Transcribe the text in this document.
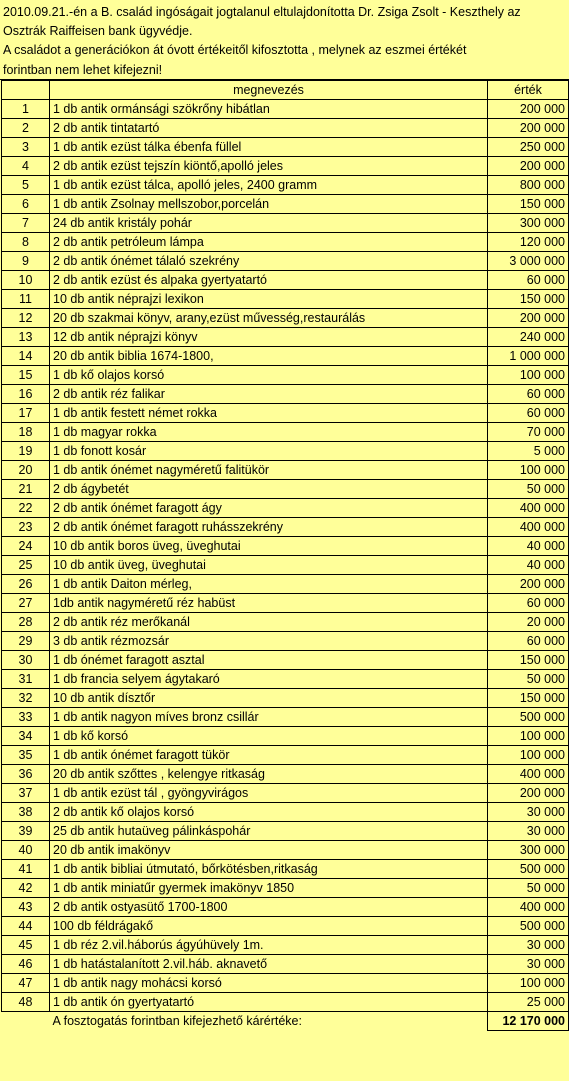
2010.09.21.-én a B. család ingóságait jogtalanul eltulajdonította Dr. Zsiga Zsolt - Keszthely az
Osztrák Raiffeisen bank ügyvédje.
A családot a generációkon át óvott értékeitől kifosztotta , melynek az eszmei értékét
forintban nem lehet kifejezni!
	megnevezés	érték
1	1 db antik ormánsági szökrőny hibátlan	200 000
2	2 db antik tintatartó	200 000
3	1 db antik ezüst tálka ébenfa füllel	250 000
4	2 db antik ezüst tejszín kiöntő,apolló jeles	200 000
5	1 db antik ezüst tálca, apolló jeles, 2400 gramm	800 000
6	1 db antik Zsolnay mellszobor,porcelán	150 000
7	24 db antik kristály pohár	300 000
8	2 db antik petróleum lámpa	120 000
9	2 db antik ónémet tálaló szekrény	3 000 000
10	2 db antik ezüst és alpaka gyertyatartó	60 000
11	10 db antik néprajzi lexikon	150 000
12	20 db szakmai könyv, arany,ezüst művesség,restaurálás	200 000
13	12 db antik néprajzi könyv	240 000
14	20 db antik biblia 1674-1800,	1 000 000
15	1 db kő olajos korsó	100 000
16	2 db antik réz falikar	60 000
17	1 db antik festett német rokka	60 000
18	1 db magyar rokka	70 000
19	1 db fonott kosár	5 000
20	1 db antik ónémet nagyméretű falitükör	100 000
21	2 db ágybetét	50 000
22	2 db antik ónémet faragott ágy	400 000
23	2 db antik ónémet faragott ruhásszekrény	400 000
24	10 db antik boros üveg, üveghutai	40 000
25	10 db antik üveg, üveghutai	40 000
26	1 db antik Daiton mérleg,	200 000
27	1db antik nagyméretű réz habüst	60 000
28	2 db antik réz merőkanál	20 000
29	3 db antik rézmozsár	60 000
30	1 db ónémet faragott asztal	150 000
31	1 db francia selyem ágytakaró	50 000
32	10 db antik dísztőr	150 000
33	1 db antik nagyon míves bronz csillár	500 000
34	1 db kő korsó	100 000
35	1 db antik ónémet faragott tükör	100 000
36	20 db antik szőttes , kelengye ritkaság	400 000
37	1 db antik ezüst tál , gyöngyvirágos	200 000
38	2 db antik kő olajos korsó	30 000
39	25 db antik hutaüveg pálinkáspohár	30 000
40	20 db antik imakönyv	300 000
41	1 db antik bibliai útmutató, bőrkötésben,ritkaság	500 000
42	1 db antik miniatűr gyermek imakönyv 1850	50 000
43	2 db antik ostyasütő 1700-1800	400 000
44	100 db féldrágakő	500 000
45	1 db réz 2.vil.háborús ágyúhüvely 1m.	30 000
46	1 db hatástalanított 2.vil.háb. aknavető	30 000
47	1 db antik nagy mohácsi korsó	100 000
48	1 db antik ón gyertyatartó	25 000
	A fosztogatás forintban kifejezhető kárértéke:	12 170 000
